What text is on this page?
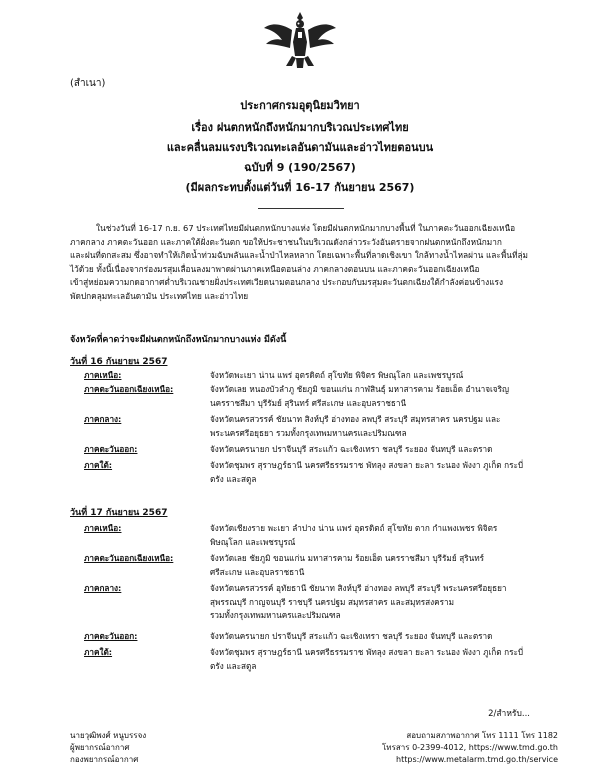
(สำเนา)
ประกาศกรมอุตุนิยมวิทยา
เรื่อง ฝนตกหนักถึงหนักมากบริเวณประเทศไทย
และคลื่นลมแรงบริเวณทะเลอันดามันและอ่าวไทยตอนบน
ฉบับที่ 9 (190/2567)
(มีผลกระทบตั้งแต่วันที่ 16-17 กันยายน 2567)
ในช่วงวันที่ 16-17 ก.ย. 67 ประเทศไทยมีฝนตกหนักบางแห่ง โดยมีฝนตกหนักมากบางพื้นที่ ในภาคตะวันออกเฉียงเหนือ
ภาคกลาง ภาคตะวันออก และภาคใต้ฝั่งตะวันตก ขอให้ประชาชนในบริเวณดังกล่าวระวังอันตรายจากฝนตกหนักถึงหนักมาก
และฝนที่ตกสะสม ซึ่งอาจทำให้เกิดน้ำท่วมฉับพลันและน้ำป่าไหลหลาก โดยเฉพาะพื้นที่ลาดเชิงเขา ใกล้ทางน้ำไหลผ่าน และพื้นที่ลุ่ม
ไว้ด้วย ทั้งนี้เนื่องจากร่องมรสุมเลื่อนลงมาพาดผ่านภาคเหนือตอนล่าง ภาคกลางตอนบน และภาคตะวันออกเฉียงเหนือ
เข้าสู่หย่อมความกดอากาศต่ำบริเวณชายฝั่งประเทศเวียดนามตอนกลาง ประกอบกับมรสุมตะวันตกเฉียงใต้กำลังค่อนข้างแรง
พัดปกคลุมทะเลอันดามัน ประเทศไทย และอ่าวไทย
จังหวัดที่คาดว่าจะมีฝนตกหนักถึงหนักมากบางแห่ง มีดังนี้
วันที่ 16 กันยายน 2567
ภาคเหนือ:	จังหวัดพะเยา น่าน แพร่ อุตรดิตถ์ สุโขทัย พิจิตร พิษณุโลก และเพชรบูรณ์
ภาคตะวันออกเฉียงเหนือ:	จังหวัดเลย หนองบัวลำภู ชัยภูมิ ขอนแก่น กาฬสินธุ์ มหาสารคาม ร้อยเอ็ด อำนาจเจริญ
นครราชสีมา บุรีรัมย์ สุรินทร์ ศรีสะเกษ และอุบลราชธานี
ภาคกลาง:	จังหวัดนครสวรรค์ ชัยนาท สิงห์บุรี อ่างทอง ลพบุรี สระบุรี สมุทรสาคร นครปฐม และ
พระนครศรีอยุธยา รวมทั้งกรุงเทพมหานครและปริมณฑล
ภาคตะวันออก:	จังหวัดนครนายก ปราจีนบุรี สระแก้ว ฉะเชิงเทรา ชลบุรี ระยอง จันทบุรี และตราด
ภาคใต้:	จังหวัดชุมพร สุราษฎร์ธานี นครศรีธรรมราช พัทลุง สงขลา ยะลา ระนอง พังงา ภูเก็ต กระบี่
ตรัง และสตูล
วันที่ 17 กันยายน 2567
ภาคเหนือ:	จังหวัดเชียงราย พะเยา ลำปาง น่าน แพร่ อุตรดิตถ์ สุโขทัย ตาก กำแพงเพชร พิจิตร
พิษณุโลก และเพชรบูรณ์
ภาคตะวันออกเฉียงเหนือ:	จังหวัดเลย ชัยภูมิ ขอนแก่น มหาสารคาม ร้อยเอ็ด นครราชสีมา บุรีรัมย์ สุรินทร์
ศรีสะเกษ และอุบลราชธานี
ภาคกลาง:	จังหวัดนครสวรรค์ อุทัยธานี ชัยนาท สิงห์บุรี อ่างทอง ลพบุรี สระบุรี พระนครศรีอยุธยา
สุพรรณบุรี กาญจนบุรี ราชบุรี นครปฐม สมุทรสาคร และสมุทรสงคราม
รวมทั้งกรุงเทพมหานครและปริมณฑล
ภาคตะวันออก:	จังหวัดนครนายก ปราจีนบุรี สระแก้ว ฉะเชิงเทรา ชลบุรี ระยอง จันทบุรี และตราด
ภาคใต้:	จังหวัดชุมพร สุราษฎร์ธานี นครศรีธรรมราช พัทลุง สงขลา ยะลา ระนอง พังงา ภูเก็ต กระบี่
ตรัง และสตูล
2/สำหรับ...
นายวุฒิพงศ์ หนูบรรจง
ผู้พยากรณ์อากาศ
กองพยากรณ์อากาศ
สอบถามสภาพอากาศ โทร 1111 โทร 1182
โทรสาร 0-2399-4012, https://www.tmd.go.th
https://www.metalarm.tmd.go.th/service
